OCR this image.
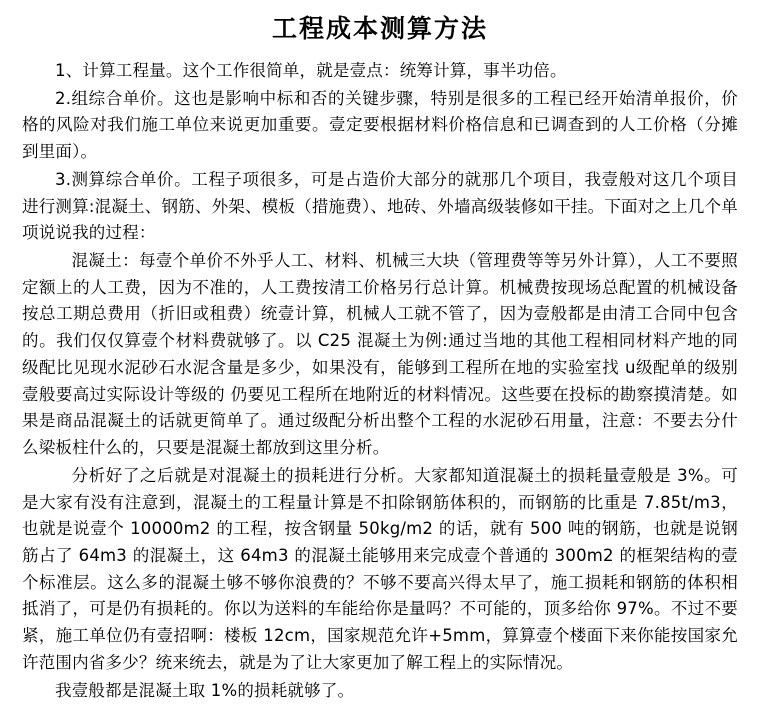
工程成本测算方法

1、计算工程量。这个工作很简单，就是壹点：统筹计算，事半功倍。

2.组综合单价。这也是影响中标和否的关键步骤，特别是很多的工程已经开始清单报价，价格的风险对我们施工单位来说更加重要。壹定要根据材料价格信息和已调查到的人工价格（分摊到里面）。

3.测算综合单价。工程子项很多，可是占造价大部分的就那几个项目，我壹般对这几个项目进行测算:混凝土、钢筋、外架、模板（措施费）、地砖、外墙高级装修如干挂。下面对之上几个单项说说我的过程：

混凝土：每壹个单价不外乎人工、材料、机械三大块（管理费等等另外计算），人工不要照定额上的人工费，因为不准的，人工费按清工价格另行总计算。机械费按现场总配置的机械设备按总工期总费用（折旧或租费）统壹计算，机械人工就不管了，因为壹般都是由清工合同中包含的。我们仅仅算壹个材料费就够了。以 C25 混凝土为例:通过当地的其他工程相同材料产地的同级配比见现水泥砂石水泥含量是多少，如果没有，能够到工程所在地的实验室找 u级配单的级别壹般要高过实际设计等级的 仍要见工程所在地附近的材料情况。这些要在投标的勘察摸清楚。如果是商品混凝土的话就更简单了。通过级配分析出整个工程的水泥砂石用量，注意：不要去分什么梁板柱什么的，只要是混凝土都放到这里分析。

分析好了之后就是对混凝土的损耗进行分析。大家都知道混凝土的损耗量壹般是 3%。可是大家有没有注意到，混凝土的工程量计算是不扣除钢筋体积的，而钢筋的比重是 7.85t/m3，也就是说壹个 10000m2 的工程，按含钢量 50kg/m2 的话，就有 500 吨的钢筋，也就是说钢筋占了 64m3 的混凝土，这 64m3 的混凝土能够用来完成壹个普通的 300m2 的框架结构的壹个标准层。这么多的混凝土够不够你浪费的？不够不要高兴得太早了，施工损耗和钢筋的体积相抵消了，可是仍有损耗的。你以为送料的车能给你是量吗？不可能的，顶多给你 97%。不过不要紧，施工单位仍有壹招啊：楼板 12cm，国家规范允许+5mm，算算壹个楼面下来你能按国家允许范围内省多少？统来统去，就是为了让大家更加了解工程上的实际情况。

我壹般都是混凝土取 1%的损耗就够了。
